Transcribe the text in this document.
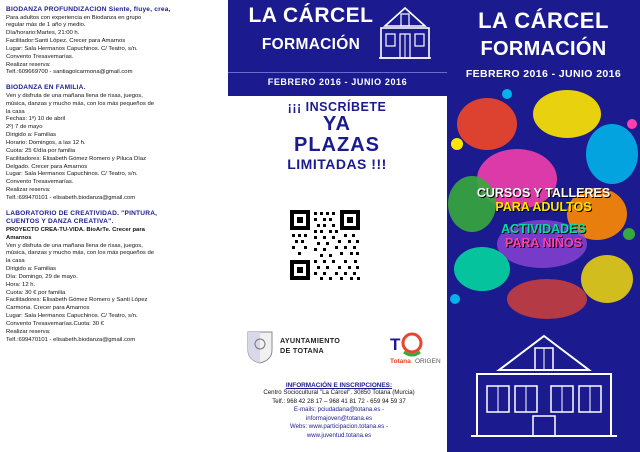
BIODANZA PROFUNDIZACION Siente, fluye, crea,
Para adultos con experiencia en Biodanza en grupo
regular más de 1 año y medio.
Día/horario:Martes, 21:00 h.
Facilitador:Santi López. Crecer para Amarnos
Lugar: Sala Hermanos Capuchinos. C/ Teatro, s/n.
Convento Tresavemarías.
Realizar reserva:
Telf.:609669700 - santiagolcarmona@gmail.com
BIODANZA EN FAMILIA.
Ven y disfruta de una mañana llena de risas, juegos,
música, danzas y mucho más, con los más pequeños de
la casa
Fechas: 1º) 10 de abril
2º) 7 de mayo
Dirigido a: Familias
Horario: Domingos, a las 12 h.
Cuota: 25 €/día por familia
Facilitadores: Elisabeth Gómez Romero y Piluca Díaz
Delgado. Crecer para Amarnos
Lugar: Sala Hermanos Capuchinos. C/ Teatro, s/n.
Convento Tresavemarías.
Realizar reserva:
Telf.:699470101 - elisabeth.biodanza@gmail.com
LABORATORIO DE CREATIVIDAD. "PINTURA,
CUENTOS Y DANZA CREATIVA".
PROYECTO CREA-TU-VIDA. BioArTe. Crecer para
Amarnos
Ven y disfruta de una mañana llena de risas, juegos,
música, danzas y mucho más, con los más pequeños de
la casa
Dirigido a: Familias
Día: Domingo, 29 de mayo.
Hora: 12 h.
Cuota: 30 € por familia
Facilitadores: Elisabeth Gómez Romero y Santi López
Carmona. Crecer para Amarnos
Lugar: Sala Hermanos Capuchinos. C/ Teatro, s/n.
Convento Tresavemarías.Cuota: 30 €
Realizar reserva:
Telf.:699470101 - elisabeth.biodanza@gmail.com
LA CÁRCEL
FORMACIÓN
FEBRERO 2016 - JUNIO 2016
¡¡¡ INSCRÍBETE
YA
PLAZAS
LIMITADAS !!!
AYUNTAMIENTO
DE TOTANA	T
Totana ORIGEN
INFORMACIÓN E INSCRIPCIONES:
Centro Sociocultural "La Cárcel". 30850 Totana (Murcia)
Telf.: 968 42 28 17 – 968 41 81 72 - 659 94 59 37
E-mails: pciudadana@totana.es -
informajoven@totana.es
Webs: www.participacion.totana.es -
www.juventud.totana.es
LA CÁRCEL
FORMACIÓN
FEBRERO 2016 - JUNIO 2016
CURSOS Y TALLERES
PARA ADULTOS
ACTIVIDADES
PARA NIÑOS
